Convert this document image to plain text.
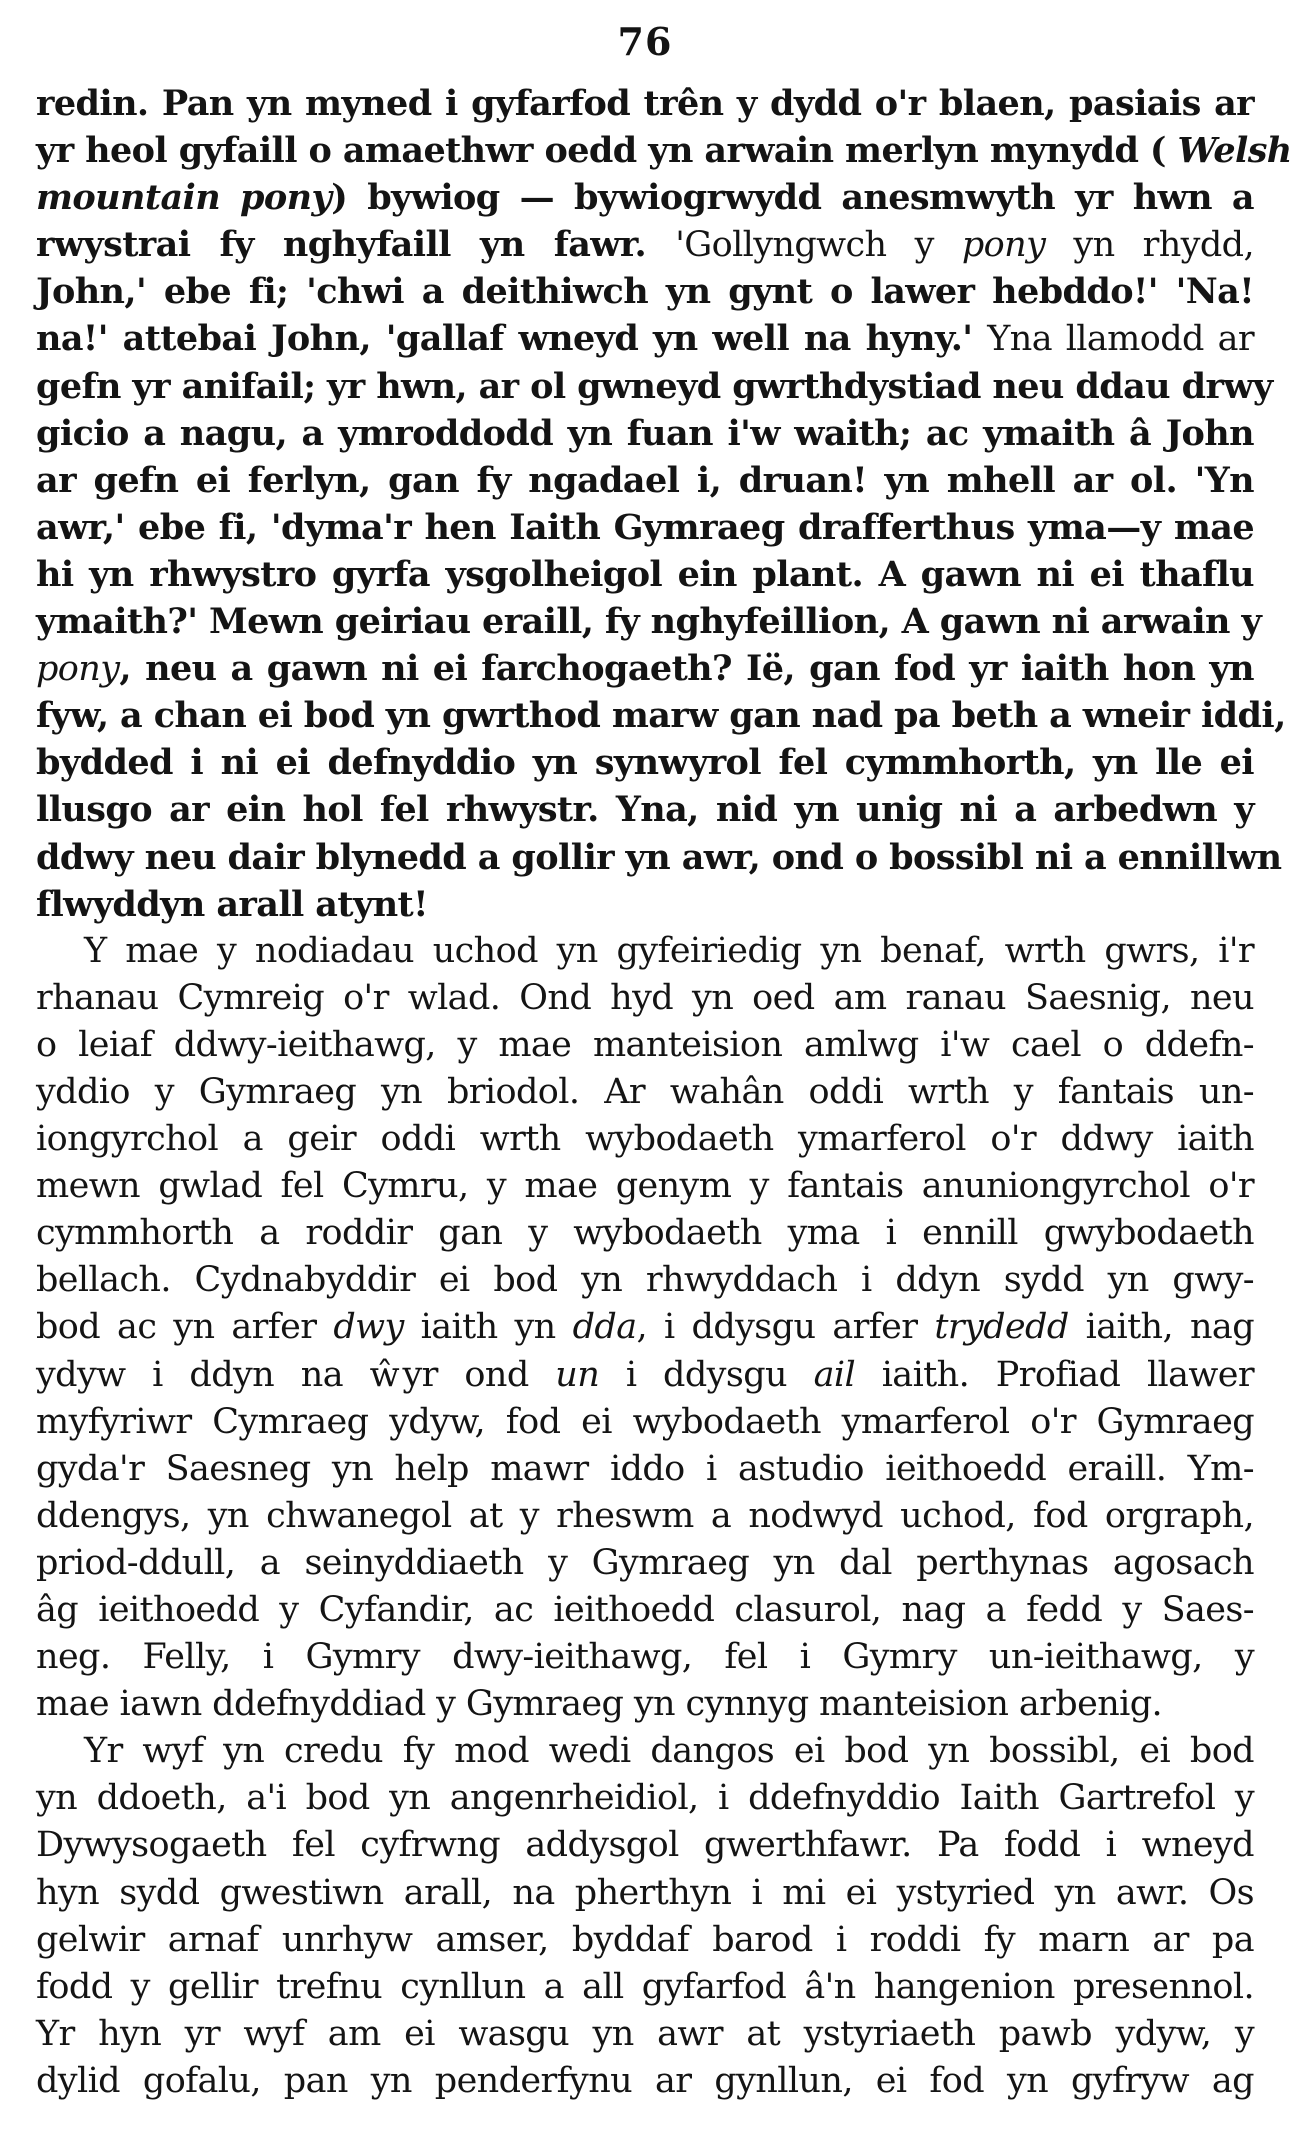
76
redin. Pan yn myned i gyfarfod trên y dydd o'r blaen, pasiais ar
yr heol gyfaill o amaethwr oedd yn arwain merlyn mynydd ( Welsh
mountain pony) bywiog — bywiogrwydd anesmwyth yr hwn a
rwystrai fy nghyfaill yn fawr. 'Gollyngwch y pony yn rhydd,
John,' ebe fi; 'chwi a deithiwch yn gynt o lawer hebddo!' 'Na!
na!' attebai John, 'gallaf wneyd yn well na hyny.' Yna llamodd ar
gefn yr anifail; yr hwn, ar ol gwneyd gwrthdystiad neu ddau drwy
gicio a nagu, a ymroddodd yn fuan i'w waith; ac ymaith â John
ar gefn ei ferlyn, gan fy ngadael i, druan! yn mhell ar ol. 'Yn
awr,' ebe fi, 'dyma'r hen Iaith Gymraeg drafferthus yma—y mae
hi yn rhwystro gyrfa ysgolheigol ein plant. A gawn ni ei thaflu
ymaith?' Mewn geiriau eraill, fy nghyfeillion, A gawn ni arwain y
pony, neu a gawn ni ei farchogaeth? Ië, gan fod yr iaith hon yn
fyw, a chan ei bod yn gwrthod marw gan nad pa beth a wneir iddi,
bydded i ni ei defnyddio yn synwyrol fel cymmhorth, yn lle ei
llusgo ar ein hol fel rhwystr. Yna, nid yn unig ni a arbedwn y
ddwy neu dair blynedd a gollir yn awr, ond o bossibl ni a ennillwn
flwyddyn arall atynt!
Y mae y nodiadau uchod yn gyfeiriedig yn benaf, wrth gwrs, i'r
rhanau Cymreig o'r wlad. Ond hyd yn oed am ranau Saesnig, neu
o leiaf ddwy-ieithawg, y mae manteision amlwg i'w cael o ddefn-
yddio y Gymraeg yn briodol. Ar wahân oddi wrth y fantais un-
iongyrchol a geir oddi wrth wybodaeth ymarferol o'r ddwy iaith
mewn gwlad fel Cymru, y mae genym y fantais anuniongyrchol o'r
cymmhorth a roddir gan y wybodaeth yma i ennill gwybodaeth
bellach. Cydnabyddir ei bod yn rhwyddach i ddyn sydd yn gwy-
bod ac yn arfer dwy iaith yn dda, i ddysgu arfer trydedd iaith, nag
ydyw i ddyn na ŵyr ond un i ddysgu ail iaith. Profiad llawer
myfyriwr Cymraeg ydyw, fod ei wybodaeth ymarferol o'r Gymraeg
gyda'r Saesneg yn help mawr iddo i astudio ieithoedd eraill. Ym-
ddengys, yn chwanegol at y rheswm a nodwyd uchod, fod orgraph,
priod-ddull, a seinyddiaeth y Gymraeg yn dal perthynas agosach
âg ieithoedd y Cyfandir, ac ieithoedd clasurol, nag a fedd y Saes-
neg. Felly, i Gymry dwy-ieithawg, fel i Gymry un-ieithawg, y
mae iawn ddefnyddiad y Gymraeg yn cynnyg manteision arbenig.
Yr wyf yn credu fy mod wedi dangos ei bod yn bossibl, ei bod
yn ddoeth, a'i bod yn angenrheidiol, i ddefnyddio Iaith Gartrefol y
Dywysogaeth fel cyfrwng addysgol gwerthfawr. Pa fodd i wneyd
hyn sydd gwestiwn arall, na pherthyn i mi ei ystyried yn awr. Os
gelwir arnaf unrhyw amser, byddaf barod i roddi fy marn ar pa
fodd y gellir trefnu cynllun a all gyfarfod â'n hangenion presennol.
Yr hyn yr wyf am ei wasgu yn awr at ystyriaeth pawb ydyw, y
dylid gofalu, pan yn penderfynu ar gynllun, ei fod yn gyfryw ag
